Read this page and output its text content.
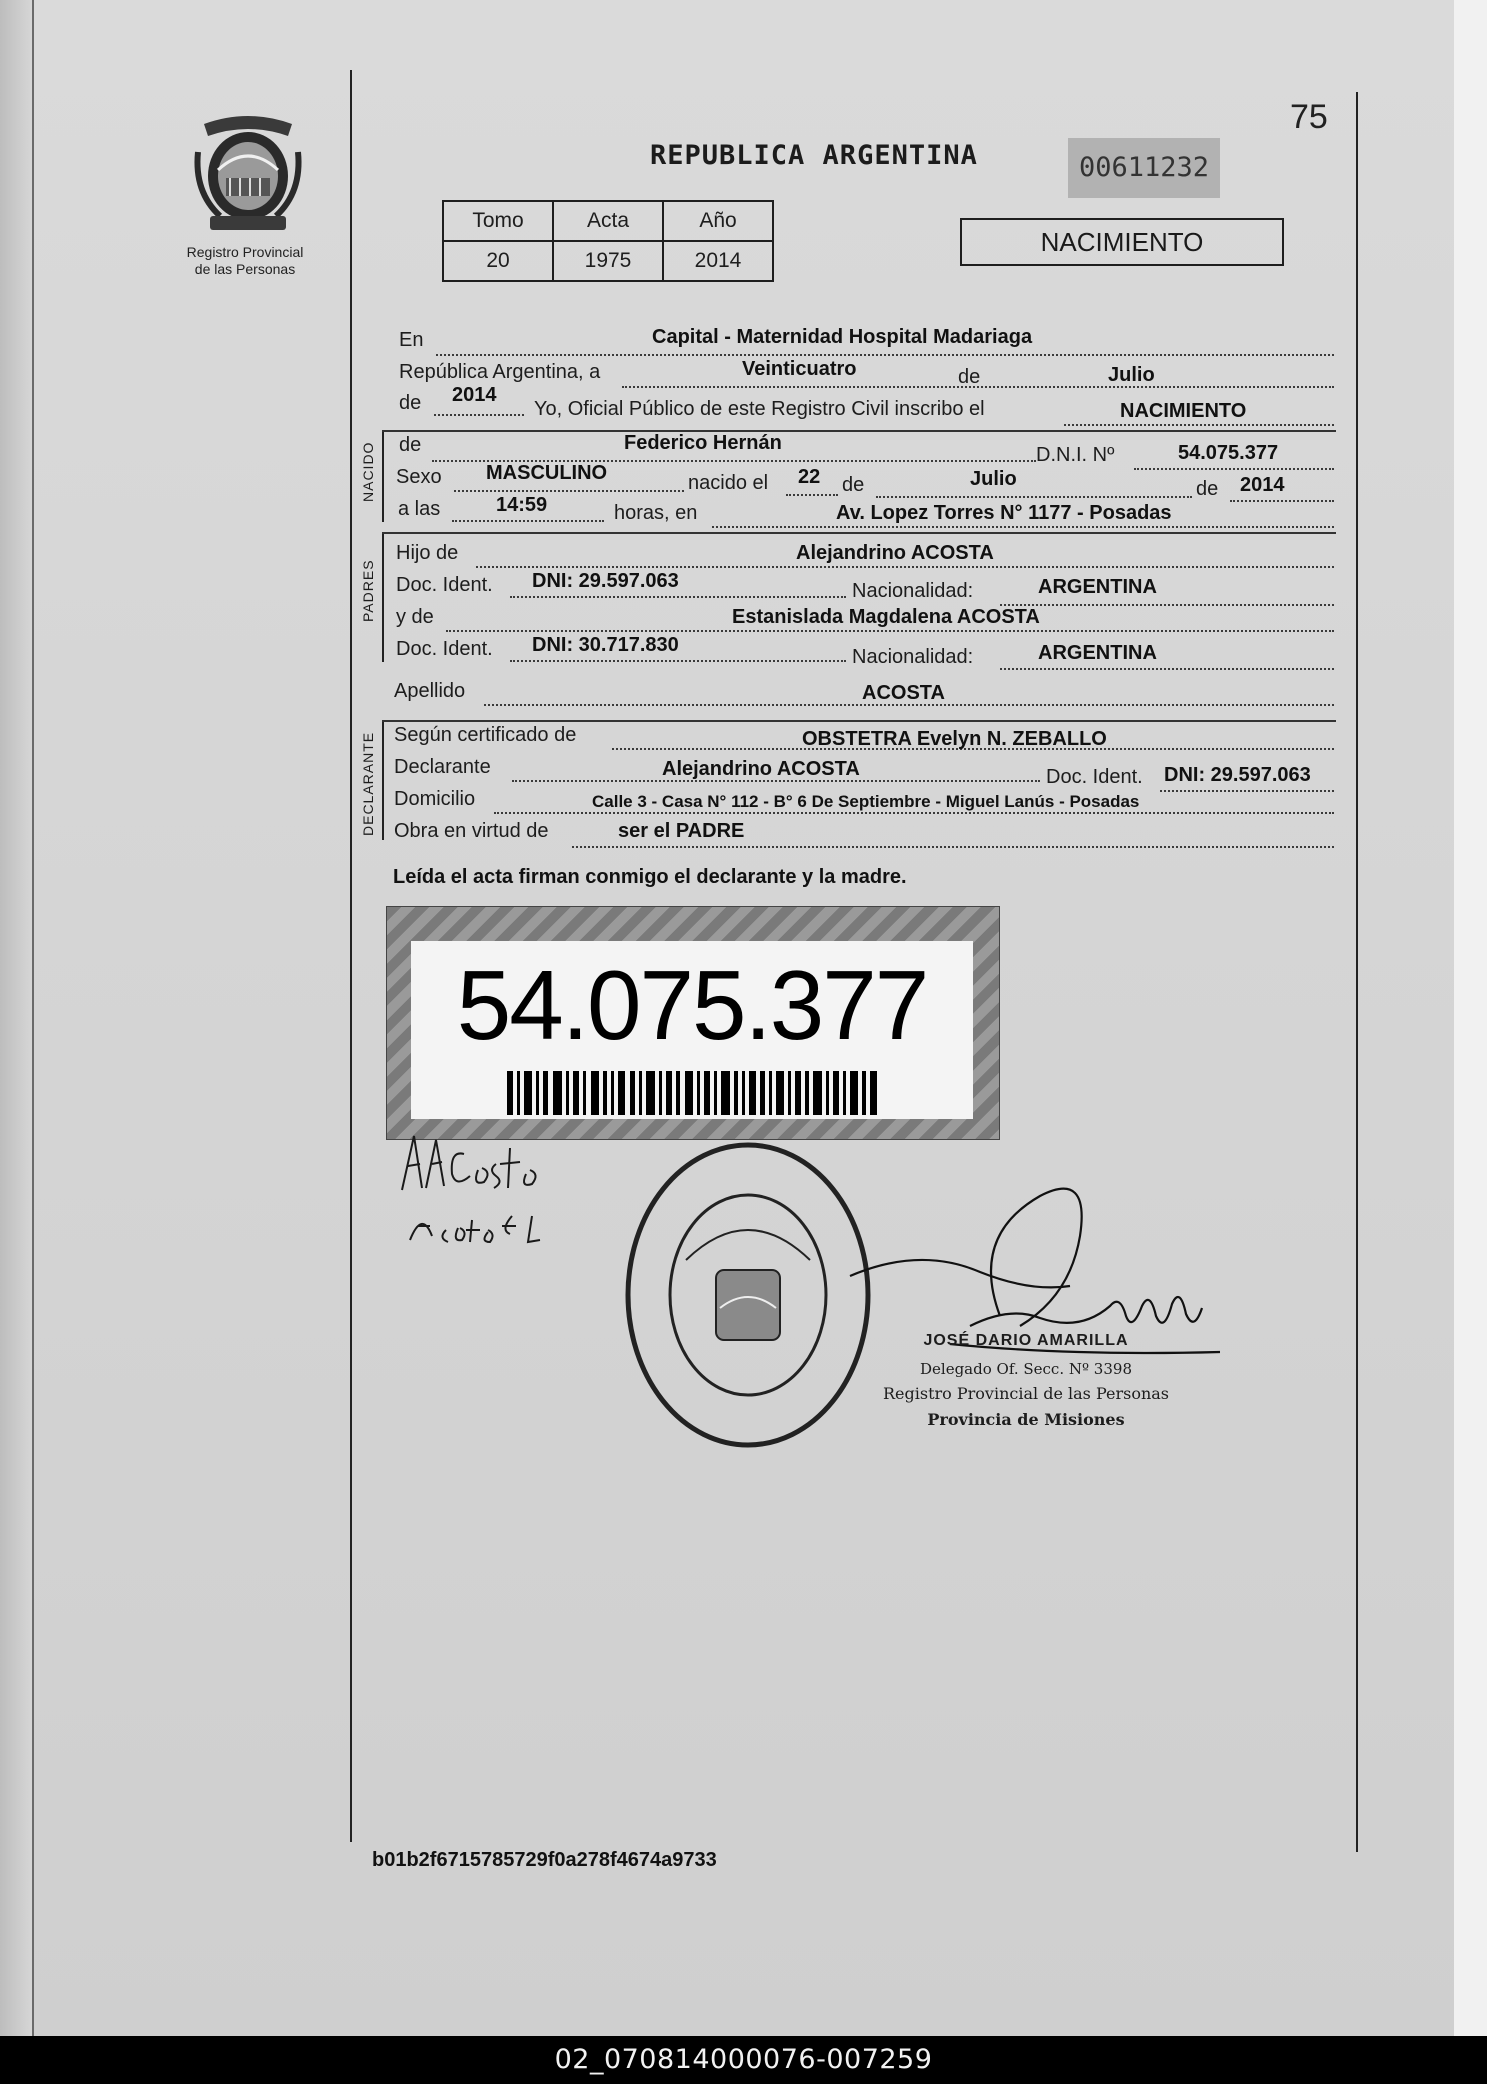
Registro Provincial
de las Personas
75
REPUBLICA ARGENTINA	00611232
Tomo	Acta	Año
20	1975	2014
NACIMIENTO
NACIDO
PADRES
DECLARANTE
En	Capital - Maternidad Hospital Madariaga
República Argentina, a	Veinticuatro	de	Julio
de 2014
Yo, Oficial Público de este Registro Civil inscribo el	NACIMIENTO
de	Federico Hernán
D.N.I. Nº	54.075.377
Sexo MASCULINO	nacido el 22 de	Julio	de 2014
a las	14:59	horas, en	Av. Lopez Torres N° 1177 - Posadas
Hijo de	Alejandrino ACOSTA
Doc. Ident. DNI: 29.597.063	Nacionalidad:	ARGENTINA
y de	Estanislada Magdalena ACOSTA
Doc. Ident. DNI: 30.717.830
Nacionalidad:	ARGENTINA
Apellido	ACOSTA
Según certificado de	OBSTETRA Evelyn N. ZEBALLO
Declarante	Alejandrino ACOSTA	Doc. Ident. DNI: 29.597.063
Domicilio	Calle 3 - Casa N° 112 - B° 6 De Septiembre - Miguel Lanús - Posadas
Obra en virtud de	ser el PADRE
Leída el acta firman conmigo el declarante y la madre.
54.075.377
JOSÉ DARIO AMARILLA
Delegado Of. Secc. Nº 3398
Registro Provincial de las Personas
Provincia de Misiones
b01b2f6715785729f0a278f4674a9733
02_070814000076-007259
